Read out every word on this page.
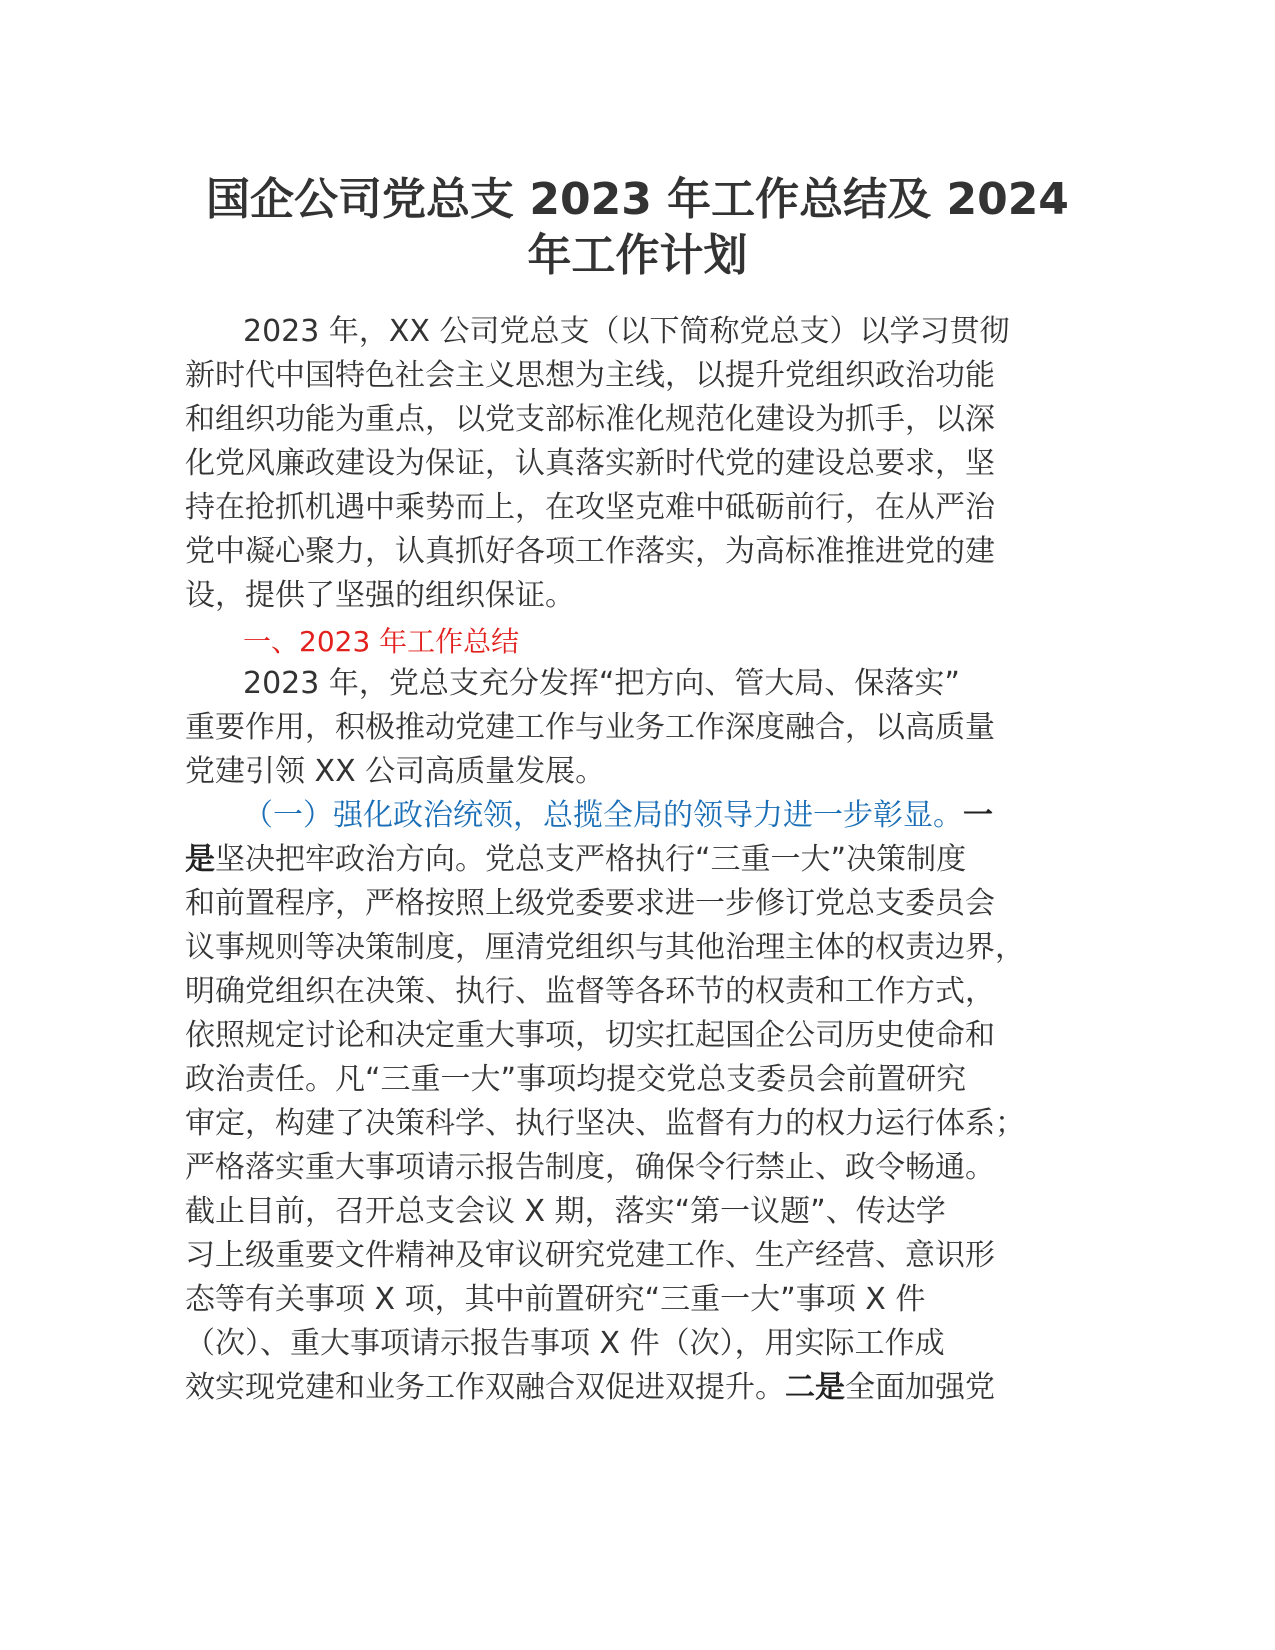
国企公司党总支 2023 年工作总结及 2024
年工作计划
2023 年，XX 公司党总支（以下简称党总支）以学习贯彻
新时代中国特色社会主义思想为主线，以提升党组织政治功能
和组织功能为重点，以党支部标准化规范化建设为抓手，以深
化党风廉政建设为保证，认真落实新时代党的建设总要求，坚
持在抢抓机遇中乘势而上，在攻坚克难中砥砺前行，在从严治
党中凝心聚力，认真抓好各项工作落实，为高标准推进党的建
设，提供了坚强的组织保证。
一、2023 年工作总结
2023 年，党总支充分发挥“把方向、管大局、保落实”
重要作用，积极推动党建工作与业务工作深度融合，以高质量
党建引领 XX 公司高质量发展。
（一）强化政治统领，总揽全局的领导力进一步彰显。一
是坚决把牢政治方向。党总支严格执行“三重一大”决策制度
和前置程序，严格按照上级党委要求进一步修订党总支委员会
议事规则等决策制度，厘清党组织与其他治理主体的权责边界，
明确党组织在决策、执行、监督等各环节的权责和工作方式，
依照规定讨论和决定重大事项，切实扛起国企公司历史使命和
政治责任。凡“三重一大”事项均提交党总支委员会前置研究
审定，构建了决策科学、执行坚决、监督有力的权力运行体系；
严格落实重大事项请示报告制度，确保令行禁止、政令畅通。
截止目前，召开总支会议 X 期，落实“第一议题”、传达学
习上级重要文件精神及审议研究党建工作、生产经营、意识形
态等有关事项 X 项，其中前置研究“三重一大”事项 X 件
（次）、重大事项请示报告事项 X 件（次），用实际工作成
效实现党建和业务工作双融合双促进双提升。二是全面加强党
